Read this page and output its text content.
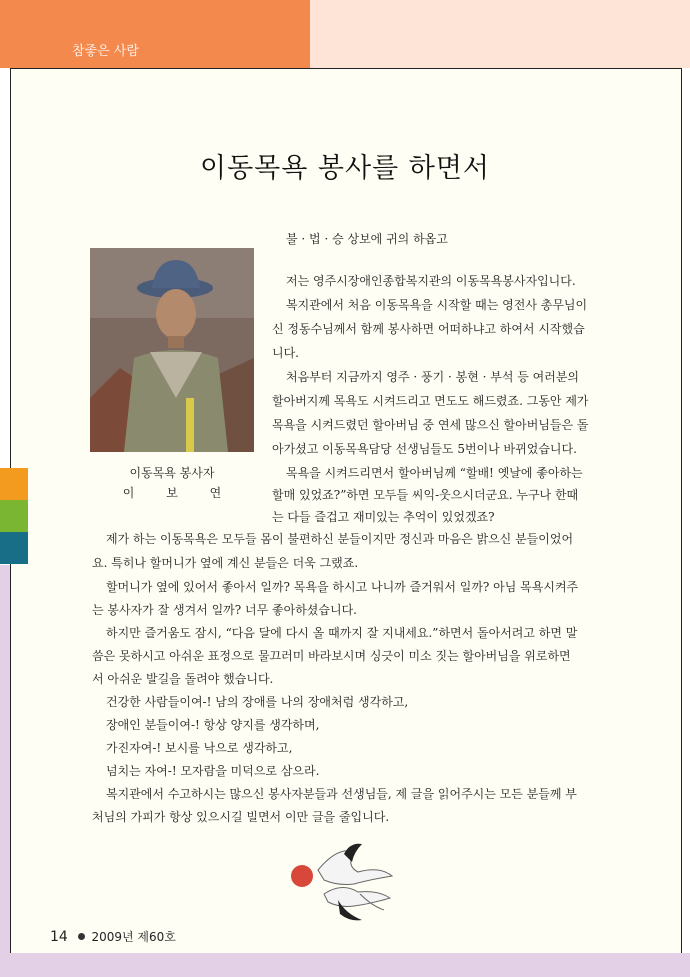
참좋은 사람
이동목욕 봉사를 하면서
이동목욕 봉사자
이 보 연
불 · 법 · 승 상보에 귀의 하옵고
저는 영주시장애인종합복지관의 이동목욕봉사자입니다.
복지관에서 처음 이동목욕을 시작할 때는 영전사 총무님이
신 정동수님께서 함께 봉사하면 어떠하냐고 하여서 시작했습
니다.
처음부터 지금까지 영주 · 풍기 · 봉현 · 부석 등 여러분의
할아버지께 목욕도 시켜드리고 면도도 해드렸죠. 그동안 제가
목욕을 시켜드렸던 할아버님 중 연세 많으신 할아버님들은 돌
아가셨고 이동목욕담당 선생님들도 5번이나 바뀌었습니다.
목욕을 시켜드리면서 할아버님께 “할배! 옛날에 좋아하는
할매 있었죠?”하면 모두들 씨익-웃으시더군요. 누구나 한때
는 다들 즐겁고 재미있는 추억이 있었겠죠?
제가 하는 이동목욕은 모두들 몸이 불편하신 분들이지만 정신과 마음은 밝으신 분들이었어
요. 특히나 할머니가 옆에 계신 분들은 더욱 그랬죠.
할머니가 옆에 있어서 좋아서 일까? 목욕을 하시고 나니까 즐거워서 일까? 아님 목욕시켜주
는 봉사자가 잘 생겨서 일까? 너무 좋아하셨습니다.
하지만 즐거움도 잠시, “다음 달에 다시 올 때까지 잘 지내세요.”하면서 돌아서려고 하면 말
씀은 못하시고 아쉬운 표정으로 물끄러미 바라보시며 싱긋이 미소 짓는 할아버님을 위로하면
서 아쉬운 발길을 돌려야 했습니다.
건강한 사람들이여-! 남의 장애를 나의 장애처럼 생각하고,
장애인 분들이여-! 항상 양지를 생각하며,
가진자여-! 보시를 낙으로 생각하고,
넘치는 자여-! 모자람을 미덕으로 삼으라.
복지관에서 수고하시는 많으신 봉사자분들과 선생님들, 제 글을 읽어주시는 모든 분들께 부
처님의 가피가 항상 있으시길 빌면서 이만 글을 줄입니다.
14 2009년 제60호
